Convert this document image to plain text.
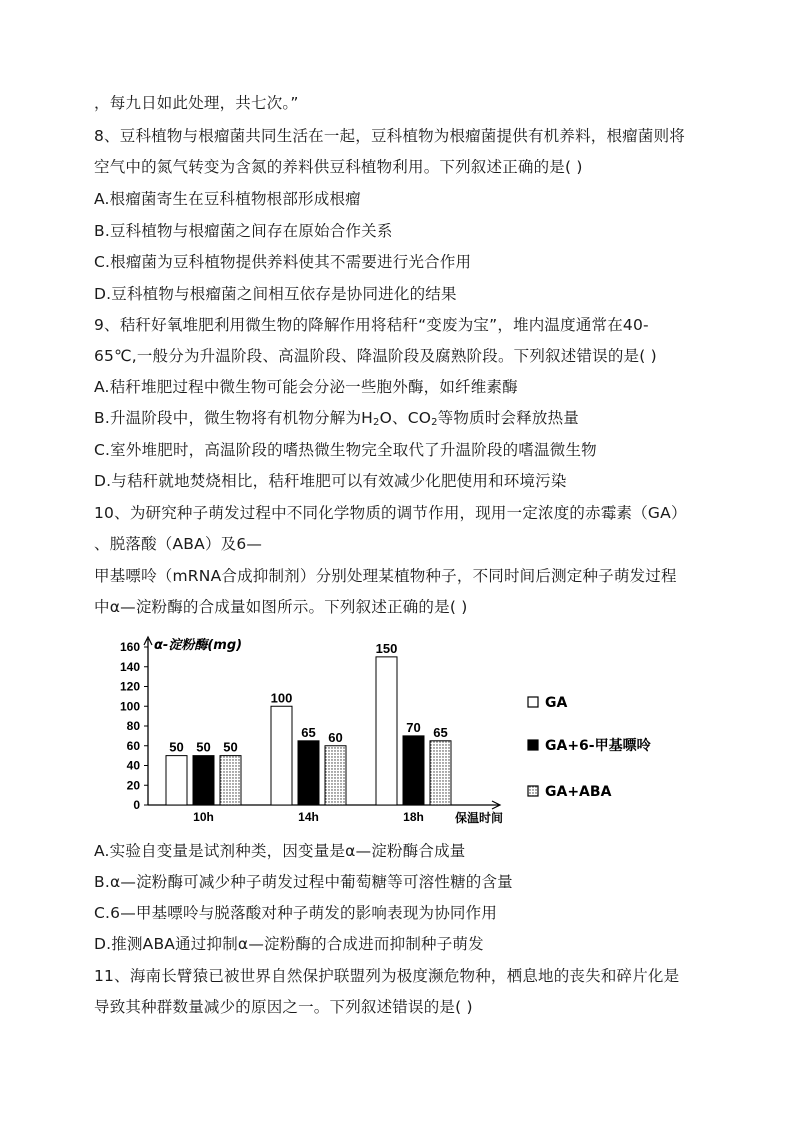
，每九日如此处理，共七次。”
8、豆科植物与根瘤菌共同生活在一起，豆科植物为根瘤菌提供有机养料，根瘤菌则将
空气中的氮气转变为含氮的养料供豆科植物利用。下列叙述正确的是( )
A.根瘤菌寄生在豆科植物根部形成根瘤
B.豆科植物与根瘤菌之间存在原始合作关系
C.根瘤菌为豆科植物提供养料使其不需要进行光合作用
D.豆科植物与根瘤菌之间相互依存是协同进化的结果
9、秸秆好氧堆肥利用微生物的降解作用将秸秆“变废为宝”，堆内温度通常在40-
65℃,一般分为升温阶段、高温阶段、降温阶段及腐熟阶段。下列叙述错误的是( )
A.秸秆堆肥过程中微生物可能会分泌一些胞外酶，如纤维素酶
B.升温阶段中，微生物将有机物分解为$H_2O$、$CO_2$等物质时会释放热量
C.室外堆肥时，高温阶段的嗜热微生物完全取代了升温阶段的嗜温微生物
D.与秸秆就地焚烧相比，秸秆堆肥可以有效减少化肥使用和环境污染
10、为研究种子萌发过程中不同化学物质的调节作用，现用一定浓度的赤霉素（GA）
、脱落酸（ABA）及6—
甲基嘌呤（mRNA合成抑制剂）分别处理某植物种子，不同时间后测定种子萌发过程
中α—淀粉酶的合成量如图所示。下列叙述正确的是( )
0
20
40
60
80
100
120
140
160 α-淀粉酶(mg)
保温时间
50 50 50
10h
100
65 60
14h
150
70 65
18h
GA
GA+6-甲基嘌呤
GA+ABA
A.实验自变量是试剂种类，因变量是α—淀粉酶合成量
B.α—淀粉酶可减少种子萌发过程中葡萄糖等可溶性糖的含量
C.6—甲基嘌呤与脱落酸对种子萌发的影响表现为协同作用
D.推测ABA通过抑制α—淀粉酶的合成进而抑制种子萌发
11、海南长臂猿已被世界自然保护联盟列为极度濒危物种，栖息地的丧失和碎片化是
导致其种群数量减少的原因之一。下列叙述错误的是( )
